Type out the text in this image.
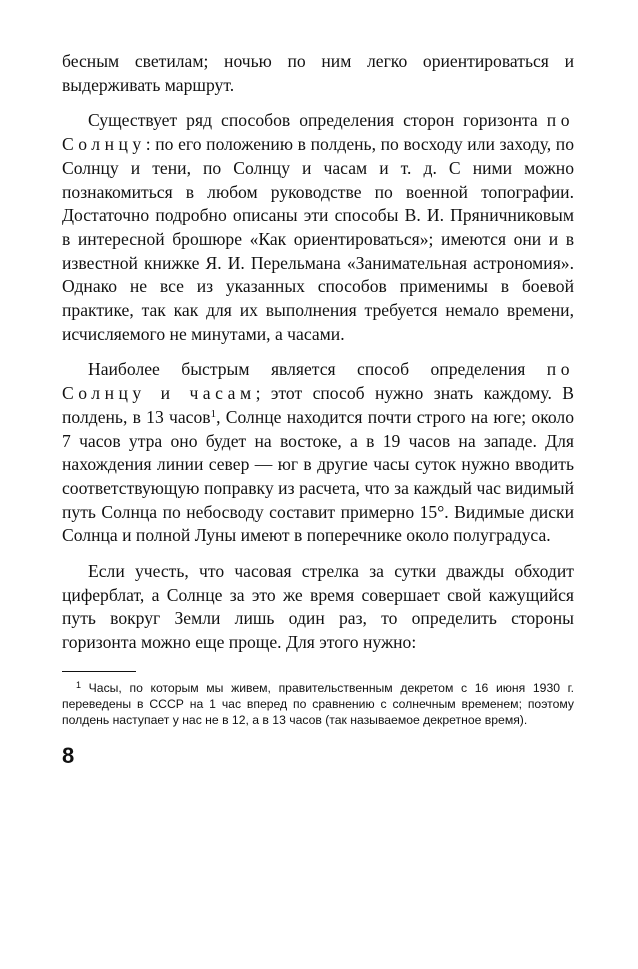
бесным светилам; ночью по ним легко ориентироваться и выдерживать маршрут.

Существует ряд способов определения сторон горизонта по Солнцу: по его положению в полдень, по восходу или заходу, по Солнцу и тени, по Солнцу и часам и т. д. С ними можно познакомиться в любом руководстве по военной топографии. Достаточно подробно описаны эти способы В. И. Пряничниковым в интересной брошюре «Как ориентироваться»; имеются они и в известной книжке Я. И. Перельмана «Занимательная астрономия». Однако не все из указанных способов применимы в боевой практике, так как для их выполнения требуется немало времени, исчисляемого не минутами, а часами.

Наиболее быстрым является способ определения по Солнцу и часам; этот способ нужно знать каждому. В полдень, в 13 часов$^1$, Солнце находится почти строго на юге; около 7 часов утра оно будет на востоке, а в 19 часов на западе. Для нахождения линии север — юг в другие часы суток нужно вводить соответствующую поправку из расчета, что за каждый час видимый путь Солнца по небосводу составит примерно 15°. Видимые диски Солнца и полной Луны имеют в поперечнике около полуградуса.

Если учесть, что часовая стрелка за сутки дважды обходит циферблат, а Солнце за это же время совершает свой кажущийся путь вокруг Земли лишь один раз, то определить стороны горизонта можно еще проще. Для этого нужно:

$^1$ Часы, по которым мы живем, правительственным декретом с 16 июня 1930 г. переведены в СССР на 1 час вперед по сравнению с солнечным временем; поэтому полдень наступает у нас не в 12, а в 13 часов (так называемое декретное время).

8
